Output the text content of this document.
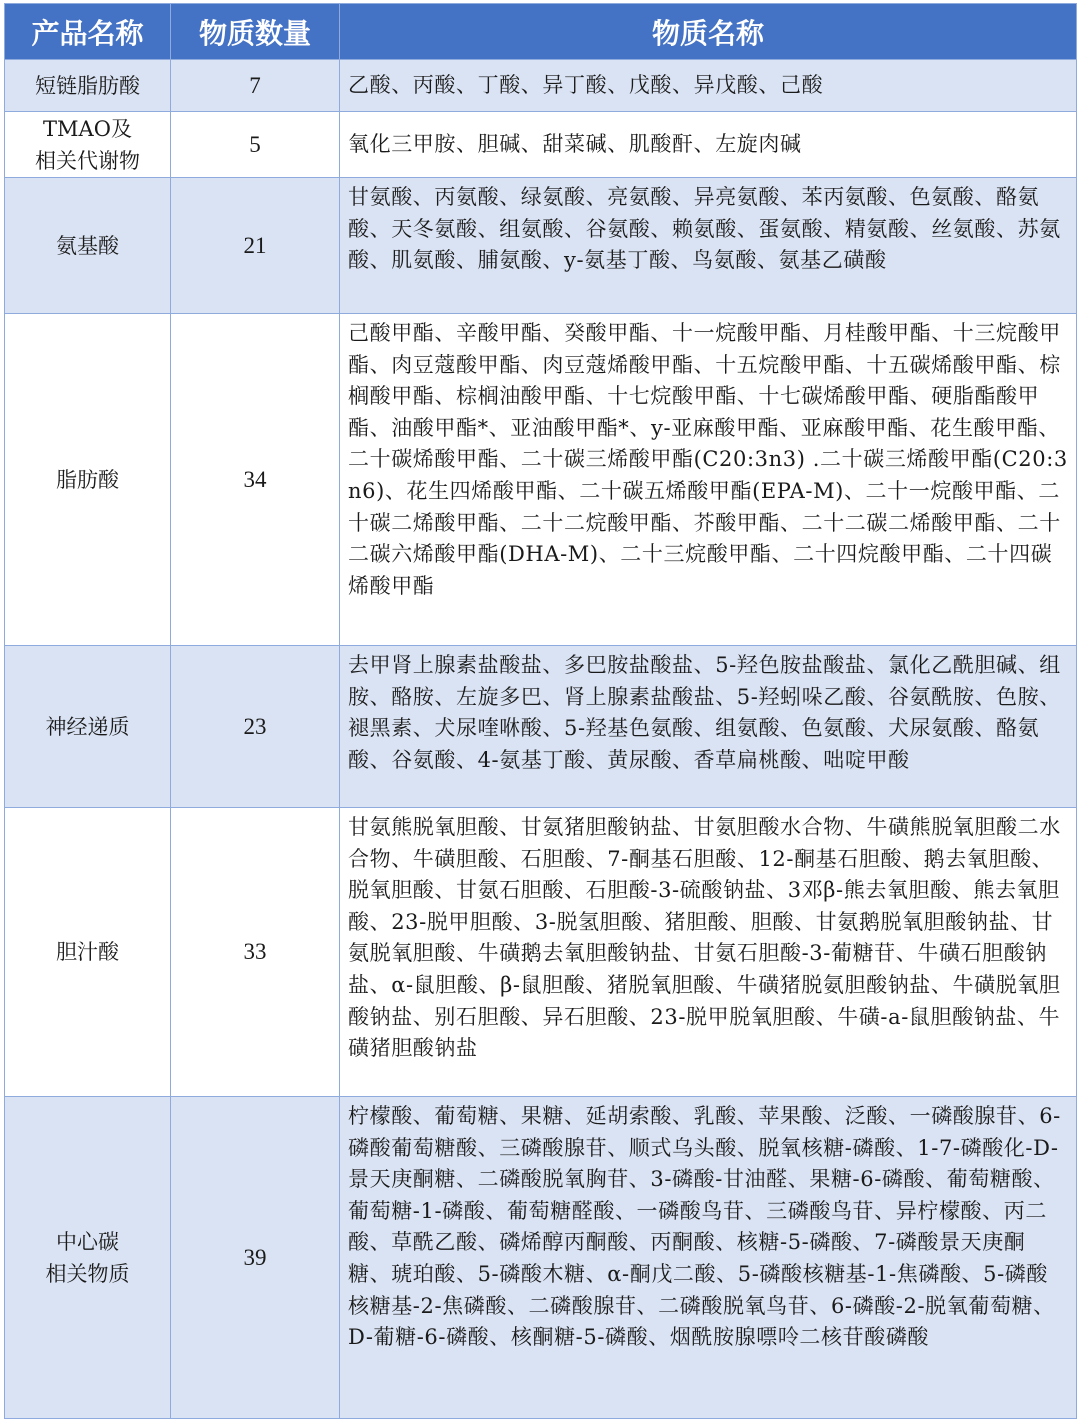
产品名称	物质数量	物质名称

短链脂肪酸	7	乙酸、丙酸、丁酸、异丁酸、戊酸、异戊酸、己酸

TMAO及
相关代谢物	5	氧化三甲胺、胆碱、甜菜碱、肌酸酐、左旋肉碱

氨基酸	21	甘氨酸、丙氨酸、绿氨酸、亮氨酸、异亮氨酸、苯丙氨酸、色氨酸、酪氨酸、天冬氨酸、组氨酸、谷氨酸、赖氨酸、蛋氨酸、精氨酸、丝氨酸、苏氨酸、肌氨酸、脯氨酸、y-氨基丁酸、鸟氨酸、氨基乙磺酸

脂肪酸	34	己酸甲酯、辛酸甲酯、癸酸甲酯、十一烷酸甲酯、月桂酸甲酯、十三烷酸甲酯、肉豆蔻酸甲酯、肉豆蔻烯酸甲酯、十五烷酸甲酯、十五碳烯酸甲酯、棕榈酸甲酯、棕榈油酸甲酯、十七烷酸甲酯、十七碳烯酸甲酯、硬脂酯酸甲酯、油酸甲酯*、亚油酸甲酯*、y-亚麻酸甲酯、亚麻酸甲酯、花生酸甲酯、二十碳烯酸甲酯、二十碳三烯酸甲酯(C20:3n3) .二十碳三烯酸甲酯(C20:3n6)、花生四烯酸甲酯、二十碳五烯酸甲酯(EPA-M)、二十一烷酸甲酯、二十碳二烯酸甲酯、二十二烷酸甲酯、芥酸甲酯、二十二碳二烯酸甲酯、二十二碳六烯酸甲酯(DHA-M)、二十三烷酸甲酯、二十四烷酸甲酯、二十四碳烯酸甲酯

神经递质	23	去甲肾上腺素盐酸盐、多巴胺盐酸盐、5-羟色胺盐酸盐、氯化乙酰胆碱、组胺、酪胺、左旋多巴、肾上腺素盐酸盐、5-羟蚓哚乙酸、谷氨酰胺、色胺、褪黑素、犬尿喹咻酸、5-羟基色氨酸、组氨酸、色氨酸、犬尿氨酸、酪氨酸、谷氨酸、4-氨基丁酸、黄尿酸、香草扁桃酸、咄啶甲酸

胆汁酸	33	甘氨熊脱氧胆酸、甘氨猪胆酸钠盐、甘氨胆酸水合物、牛磺熊脱氧胆酸二水合物、牛磺胆酸、石胆酸、7-酮基石胆酸、12-酮基石胆酸、鹅去氧胆酸、脱氧胆酸、甘氨石胆酸、石胆酸-3-硫酸钠盐、3邓β-熊去氧胆酸、熊去氧胆酸、23-脱甲胆酸、3-脱氢胆酸、猪胆酸、胆酸、甘氨鹅脱氧胆酸钠盐、甘氨脱氧胆酸、牛磺鹅去氧胆酸钠盐、甘氨石胆酸-3-葡糖苷、牛磺石胆酸钠盐、α-鼠胆酸、β-鼠胆酸、猪脱氧胆酸、牛磺猪脱氨胆酸钠盐、牛磺脱氧胆酸钠盐、别石胆酸、异石胆酸、23-脱甲脱氧胆酸、牛磺-a-鼠胆酸钠盐、牛磺猪胆酸钠盐

中心碳
相关物质	39	柠檬酸、葡萄糖、果糖、延胡索酸、乳酸、苹果酸、泛酸、一磷酸腺苷、6-磷酸葡萄糖酸、三磷酸腺苷、顺式乌头酸、脱氧核糖-磷酸、1-7-磷酸化-D-景天庚酮糖、二磷酸脱氧胸苷、3-磷酸-甘油醛、果糖-6-磷酸、葡萄糖酸、葡萄糖-1-磷酸、葡萄糖醛酸、一磷酸鸟苷、三磷酸鸟苷、异柠檬酸、丙二酸、草酰乙酸、磷烯醇丙酮酸、丙酮酸、核糖-5-磷酸、7-磷酸景天庚酮糖、琥珀酸、5-磷酸木糖、α-酮戊二酸、5-磷酸核糖基-1-焦磷酸、5-磷酸核糖基-2-焦磷酸、二磷酸腺苷、二磷酸脱氧鸟苷、6-磷酸-2-脱氧葡萄糖、D-葡糖-6-磷酸、核酮糖-5-磷酸、烟酰胺腺嘌呤二核苷酸磷酸
